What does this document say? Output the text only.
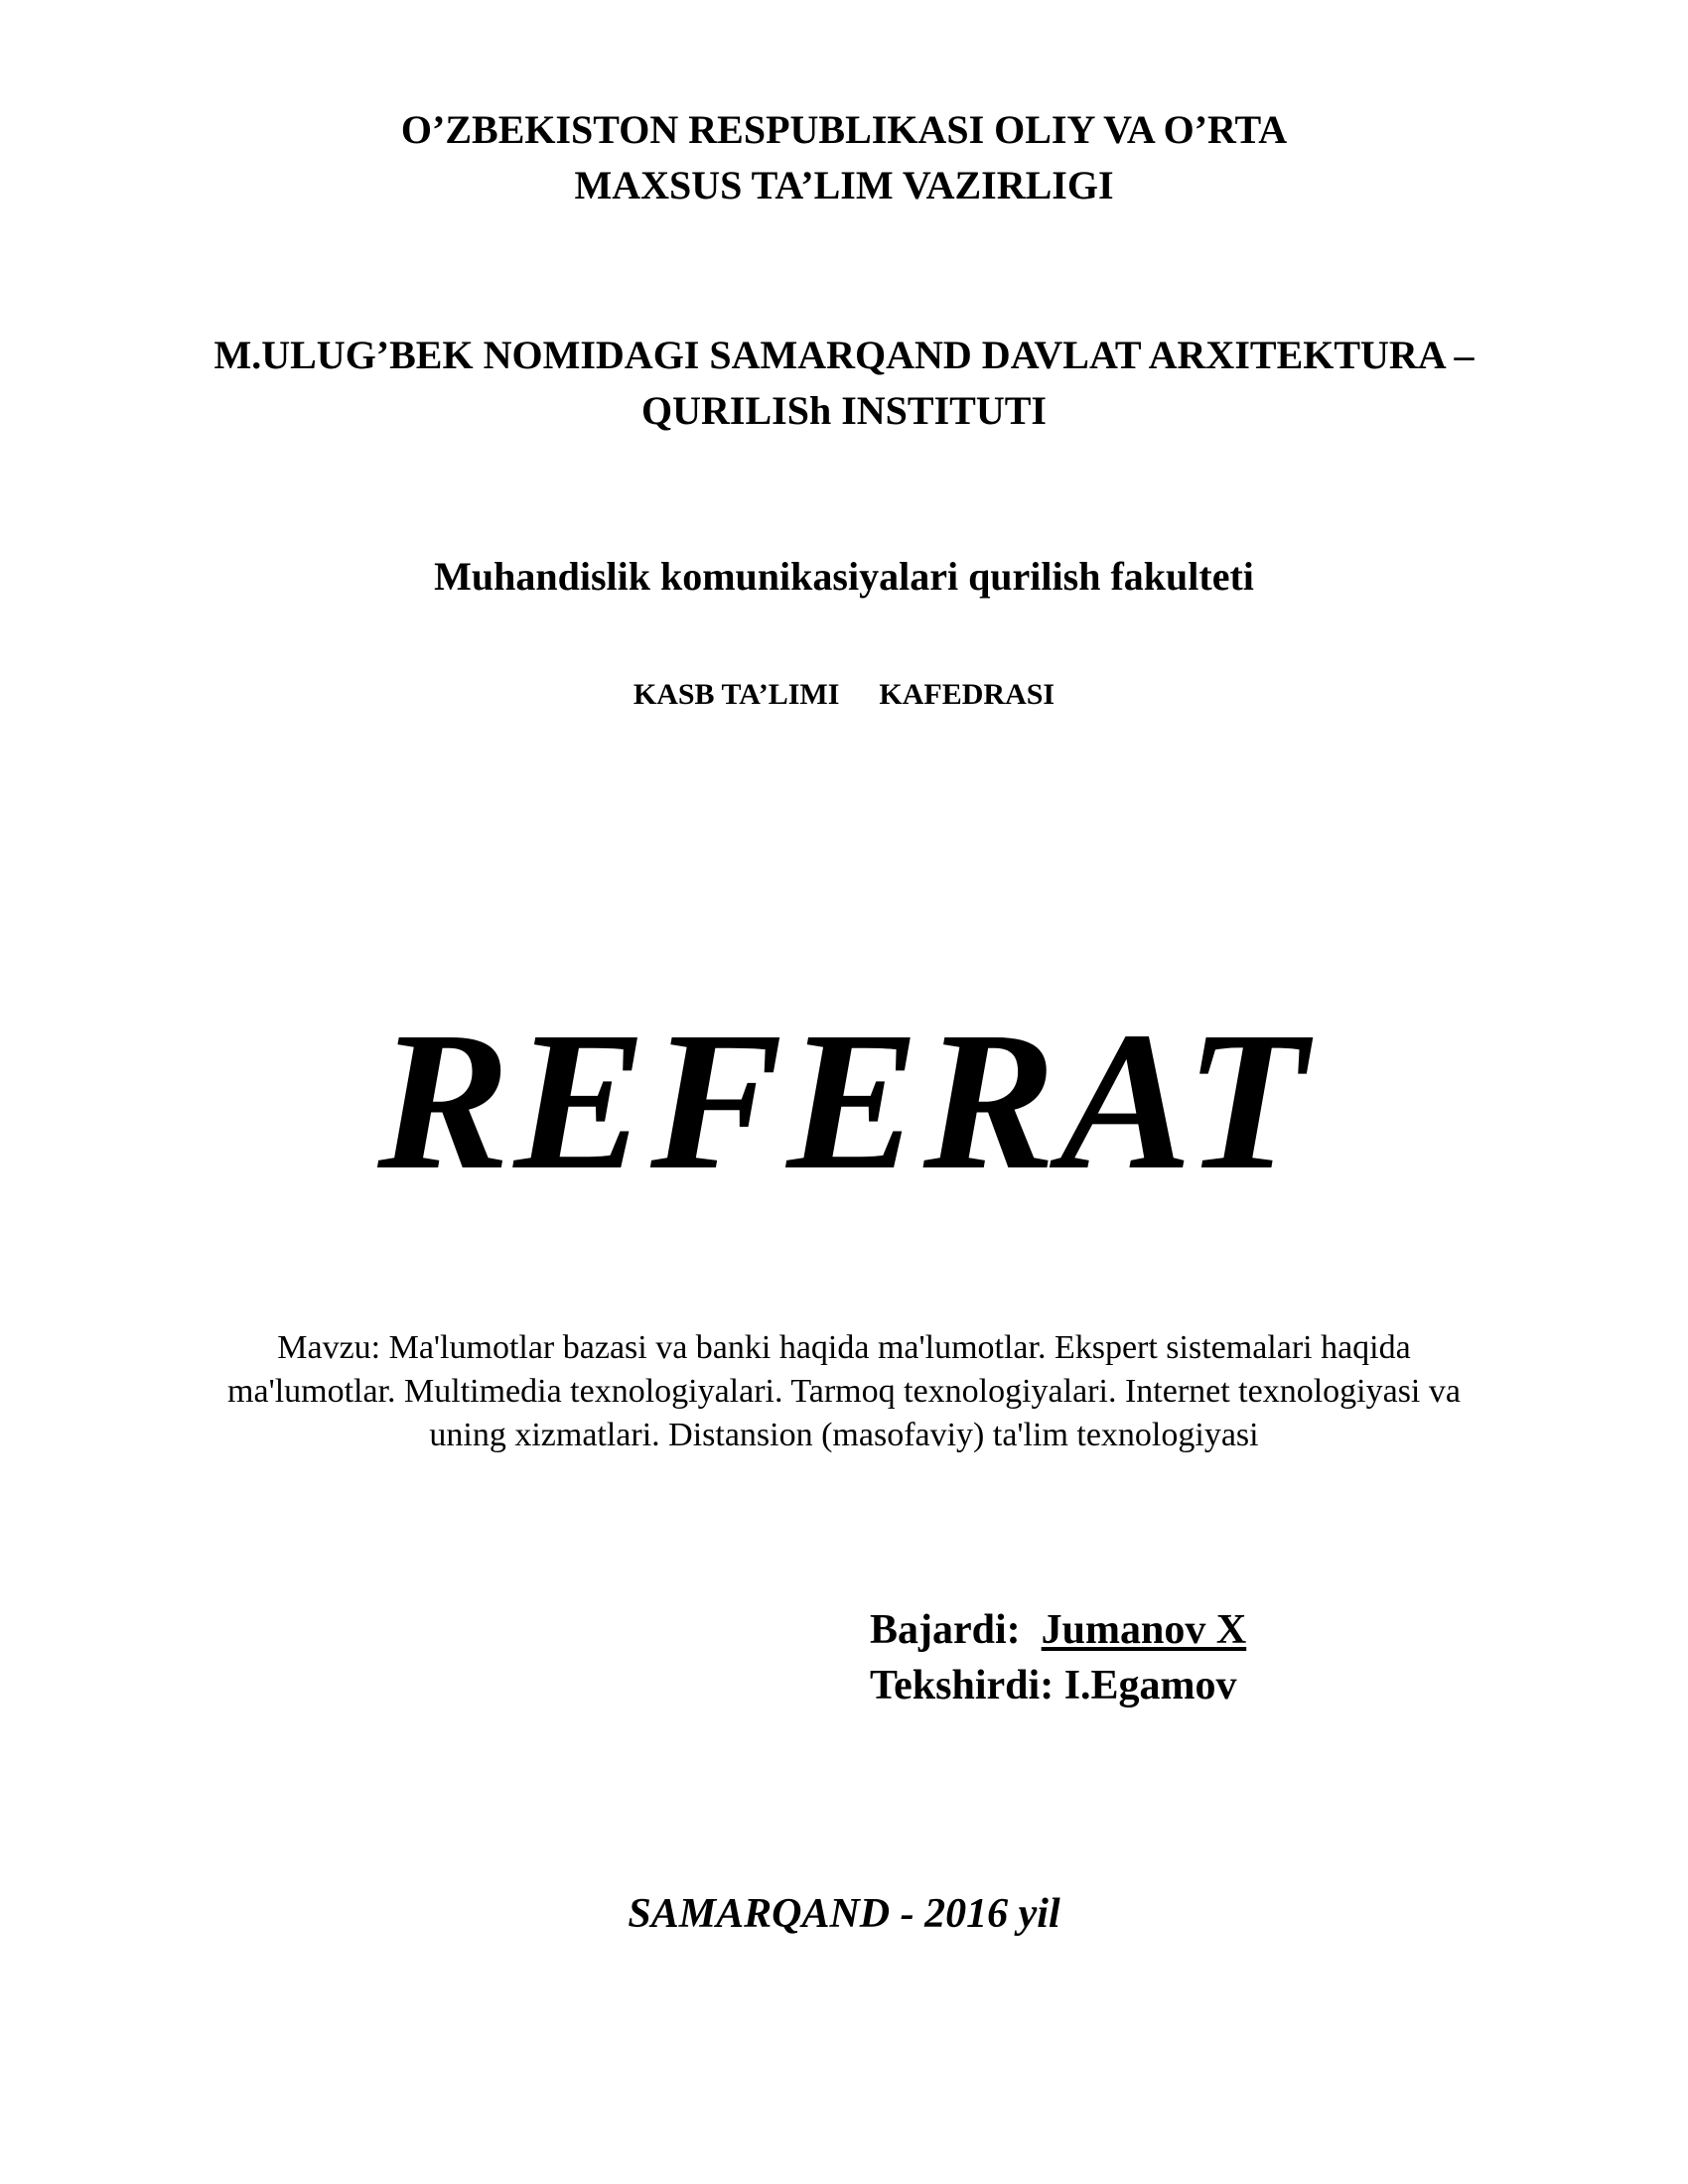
O’ZBEKISTON RESPUBLIKASI OLIY VA O’RTA
MAXSUS TA’LIM VAZIRLIGI
M.ULUG’BEK NOMIDAGI SAMARQAND DAVLAT ARXITEKTURA –
QURILISh INSTITUTI
Muhandislik komunikasiyalari qurilish fakulteti
KASB TA’LIMI KAFEDRASI
REFERAT
Mavzu: Ma'lumotlar bazasi va banki haqida ma'lumotlar. Ekspert sistemalari haqida
ma'lumotlar. Multimedia texnologiyalari. Tarmoq texnologiyalari. Internet texnologiyasi va
uning xizmatlari. Distansion (masofaviy) ta'lim texnologiyasi
Bajardi: Jumanov X
Tekshirdi: I.Egamov
SAMARQAND - 2016 yil
